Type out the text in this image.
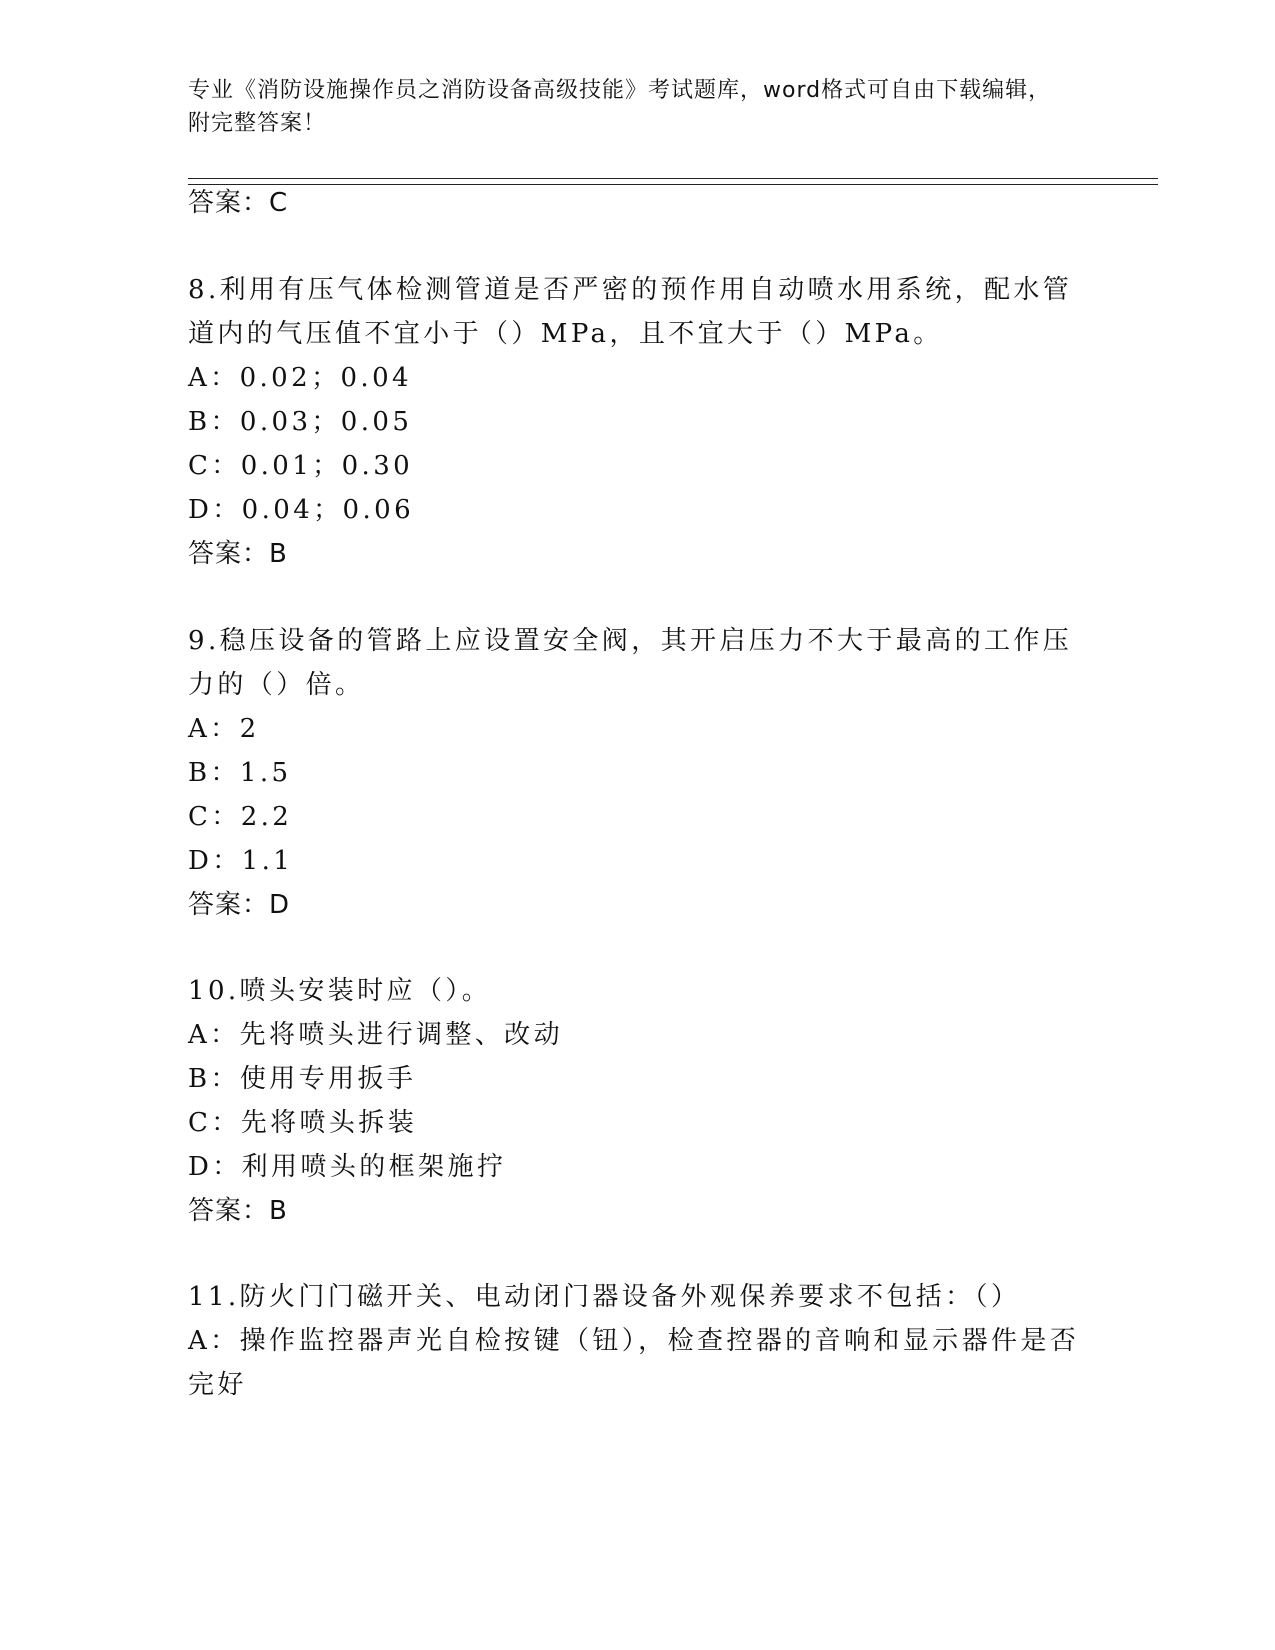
专业《消防设施操作员之消防设备高级技能》考试题库，word格式可自由下载编辑，附完整答案！
答案：C
8.利用有压气体检测管道是否严密的预作用自动喷水用系统，配水管
道内的气压值不宜小于（）MPa，且不宜大于（）MPa。
A：0.02；0.04
B：0.03；0.05
C：0.01；0.30
D：0.04；0.06
答案：B
9.稳压设备的管路上应设置安全阀，其开启压力不大于最高的工作压
力的（）倍。
A：2
B：1.5
C：2.2
D：1.1
答案：D
10.喷头安装时应（）。
A：先将喷头进行调整、改动
B：使用专用扳手
C：先将喷头拆装
D：利用喷头的框架施拧
答案：B
11.防火门门磁开关、电动闭门器设备外观保养要求不包括：（）
A：操作监控器声光自检按键（钮），检查控器的音响和显示器件是否
完好
